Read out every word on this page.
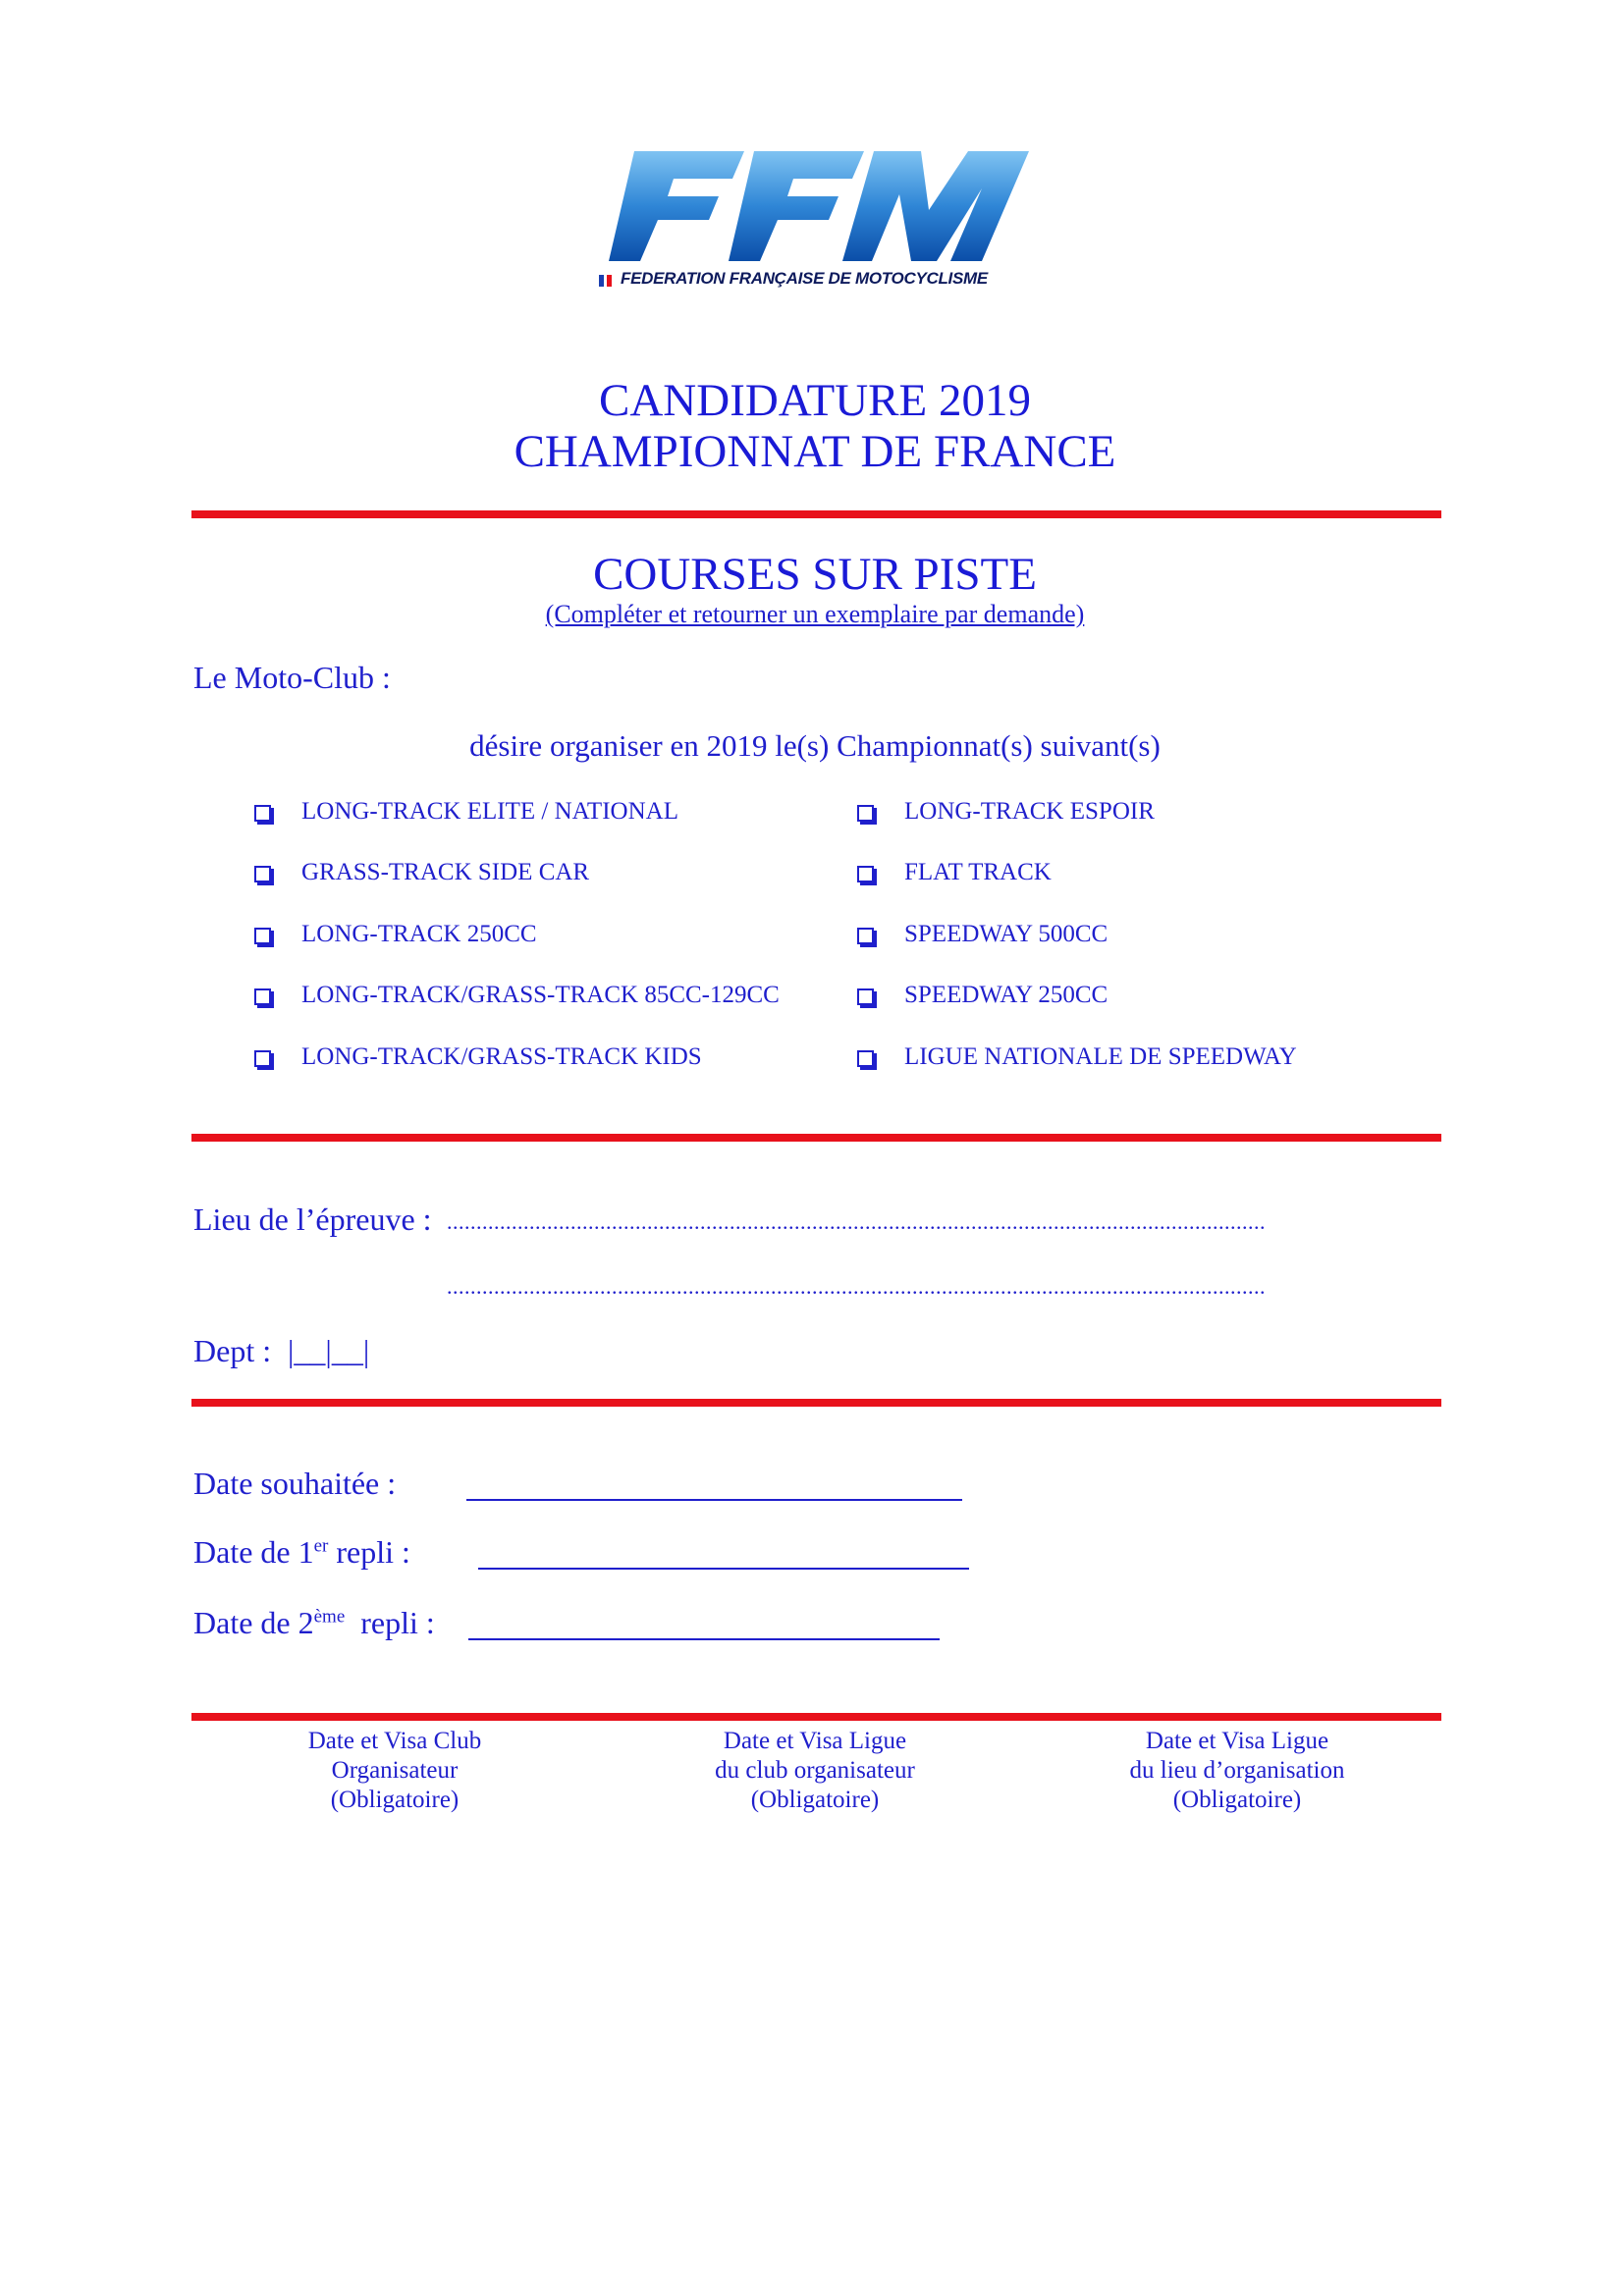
FEDERATION FRANÇAISE DE MOTOCYCLISME
CANDIDATURE 2019
CHAMPIONNAT DE FRANCE
COURSES SUR PISTE
(Compléter et retourner un exemplaire par demande)
Le Moto-Club :
désire organiser en 2019 le(s) Championnat(s) suivant(s)
LONG-TRACK ELITE / NATIONAL
GRASS-TRACK SIDE CAR
LONG-TRACK 250CC
LONG-TRACK/GRASS-TRACK 85CC-129CC
LONG-TRACK/GRASS-TRACK KIDS
LONG-TRACK ESPOIR
FLAT TRACK
SPEEDWAY 500CC
SPEEDWAY 250CC
LIGUE NATIONALE DE SPEEDWAY
Lieu de l’épreuve : ...........................................................................................................................................
...........................................................................................................................................
Dept : |__|__|
Date souhaitée :
Date de 1er repli :
Date de 2ème  repli :
Date et Visa Club
Organisateur
(Obligatoire)
Date et Visa Ligue
du club organisateur
(Obligatoire)
Date et Visa Ligue
du lieu d’organisation
(Obligatoire)
